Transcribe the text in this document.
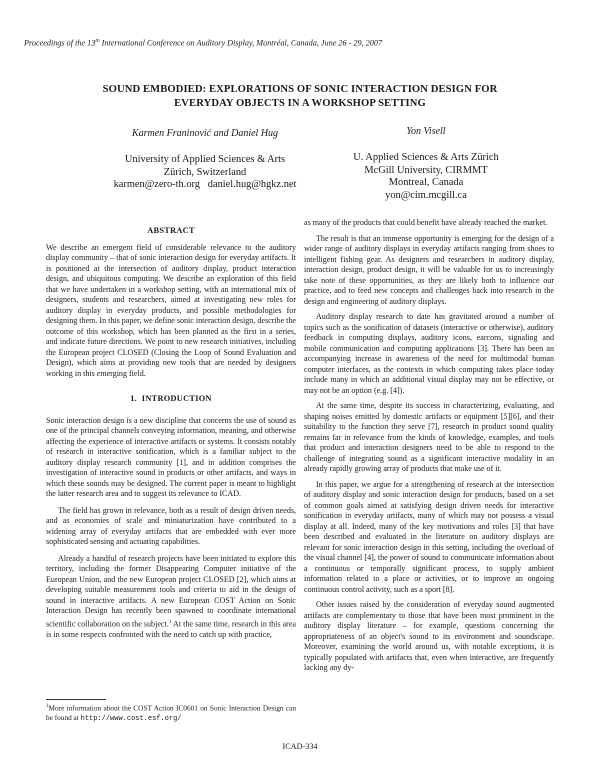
Proceedings of the 13th International Conference on Auditory Display, Montréal, Canada, June 26 - 29, 2007
SOUND EMBODIED: EXPLORATIONS OF SONIC INTERACTION DESIGN FOR
EVERYDAY OBJECTS IN A WORKSHOP SETTING
Karmen Franinović and Daniel Hug
University of Applied Sciences & Arts
Zürich, Switzerland
karmen@zero-th.org   daniel.hug@hgkz.net
Yon Visell
U. Applied Sciences & Arts Zürich
McGill University, CIRMMT
Montreal, Canada
yon@cim.mcgill.ca
ABSTRACT

We describe an emergent field of considerable relevance to the auditory display community – that of sonic interaction design for everyday artifacts. It is positioned at the intersection of auditory display, product interaction design, and ubiquitous computing. We describe an exploration of this field that we have undertaken in a workshop setting, with an international mix of designers, students and researchers, aimed at investigating new roles for auditory display in everyday products, and possible methodologies for designing them. In this paper, we define sonic interaction design, describe the outcome of this workshop, which has been planned as the first in a series, and indicate future directions. We point to new research initiatives, including the European project CLOSED (Closing the Loop of Sound Evaluation and Design), which aims at providing new tools that are needed by designers working in this emerging field.

1.  INTRODUCTION

Sonic interaction design is a new discipline that concerns the use of sound as one of the principal channels conveying information, meaning, and otherwise affecting the experience of interactive artifacts or systems. It consists notably of research in interactive sonification, which is a familiar subject to the auditory display research community [1], and in addition comprises the investigation of interactive sound in products or other artifacts, and ways in which these sounds may be designed. The current paper is meant to highlight the latter research area and to suggest its relevance to ICAD.

The field has grown in relevance, both as a result of design driven needs, and as economies of scale and miniaturization have contributed to a widening array of everyday artifacts that are embedded with ever more sophisticated sensing and actuating capabilities.

Already a handful of research projects have been initiated to explore this territory, including the former Disappearing Computer initiative of the European Union, and the new European project CLOSED [2], which aims at developing suitable measurement tools and criteria to aid in the design of sound in interactive artifacts. A new European COST Action on Sonic Interaction Design has recently been spawned to coordinate international scientific collaboration on the subject.$^1$ At the same time, research in this area is in some respects confronted with the need to catch up with practice,

as many of the products that could benefit have already reached the market.

The result is that an immense opportunity is emerging for the design of a wider range of auditory displays in everyday artifacts ranging from shoes to intelligent fishing gear. As designers and researchers in auditory display, interaction design, product design, it will be valuable for us to increasingly take note of these opportunities, as they are likely both to influence our practice, and to feed new concepts and challenges back into research in the design and engineering of auditory displays.

Auditory display research to date has gravitated around a number of topics such as the sonification of datasets (interactive or otherwise), auditory feedback in computing displays, auditory icons, earcons, signaling and mobile communication and computing applications [3]. There has been an accompanying increase in awareness of the need for multimodal human computer interfaces, as the contexts in which computing takes place today include many in which an additional visual display may not be effective, or may not be an option (e.g. [4]).

At the same time, despite its success in characterizing, evaluating, and shaping noises emitted by domestic artifacts or equipment [5][6], and their suitability to the function they serve [7], research in product sound quality remains far in relevance from the kinds of knowledge, examples, and tools that product and interaction designers need to be able to respond to the challenge of integrating sound as a significant interactive modality in an already rapidly growing array of products that make use of it.

In this paper, we argue for a strengthening of research at the intersection of auditory display and sonic interaction design for products, based on a set of common goals aimed at satisfying design driven needs for interactive sonification in everyday artifacts, many of which may not possess a visual display at all. Indeed, many of the key motivations and roles [3] that have been described and evaluated in the literature on auditory displays are relevant for sonic interaction design in this setting, including the overload of the visual channel [4], the power of sound to communicate information about a continuous or temporally significant process, to supply ambient information related to a place or activities, or to improve an ongoing continuous control activity, such as a sport [8].

Other issues raised by the consideration of everyday sound augmented artifacts are complementary to those that have been most prominent in the auditory display literature – for example, questions concerning the appropriateness of an object's sound to its environment and soundscape. Moreover, examining the world around us, with notable exceptions, it is typically populated with artifacts that, even when interactive, are frequently lacking any dy-

$^1$More information about the COST Action IC0601 on Sonic Interaction Design can be found at http://www.cost.esf.org/
ICAD-334
